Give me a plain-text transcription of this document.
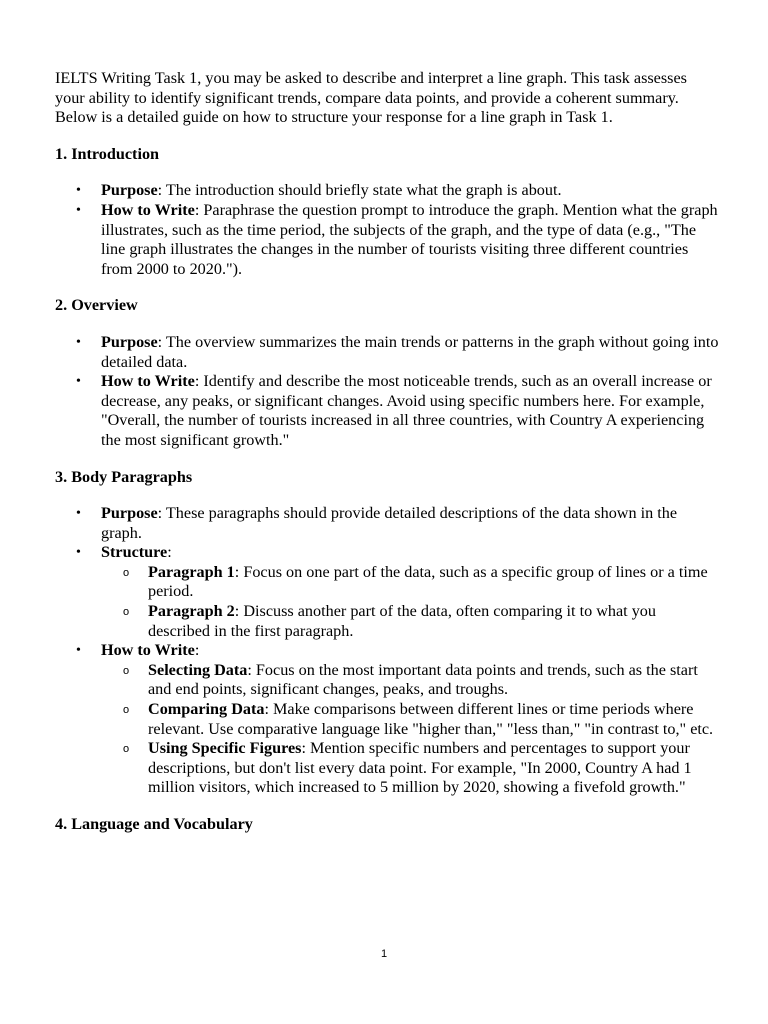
IELTS Writing Task 1, you may be asked to describe and interpret a line graph. This task assesses your ability to identify significant trends, compare data points, and provide a coherent summary. Below is a detailed guide on how to structure your response for a line graph in Task 1.

1. Introduction
• Purpose: The introduction should briefly state what the graph is about.
• How to Write: Paraphrase the question prompt to introduce the graph. Mention what the graph illustrates, such as the time period, the subjects of the graph, and the type of data (e.g., "The line graph illustrates the changes in the number of tourists visiting three different countries from 2000 to 2020.").
2. Overview
• Purpose: The overview summarizes the main trends or patterns in the graph without going into detailed data.
• How to Write: Identify and describe the most noticeable trends, such as an overall increase or decrease, any peaks, or significant changes. Avoid using specific numbers here. For example, "Overall, the number of tourists increased in all three countries, with Country A experiencing the most significant growth."
3. Body Paragraphs
• Purpose: These paragraphs should provide detailed descriptions of the data shown in the graph.
• Structure:
o Paragraph 1: Focus on one part of the data, such as a specific group of lines or a time period.
o Paragraph 2: Discuss another part of the data, often comparing it to what you described in the first paragraph.
• How to Write:
o Selecting Data: Focus on the most important data points and trends, such as the start and end points, significant changes, peaks, and troughs.
o Comparing Data: Make comparisons between different lines or time periods where relevant. Use comparative language like "higher than," "less than," "in contrast to," etc.
o Using Specific Figures: Mention specific numbers and percentages to support your descriptions, but don't list every data point. For example, "In 2000, Country A had 1 million visitors, which increased to 5 million by 2020, showing a fivefold growth."
4. Language and Vocabulary
1
